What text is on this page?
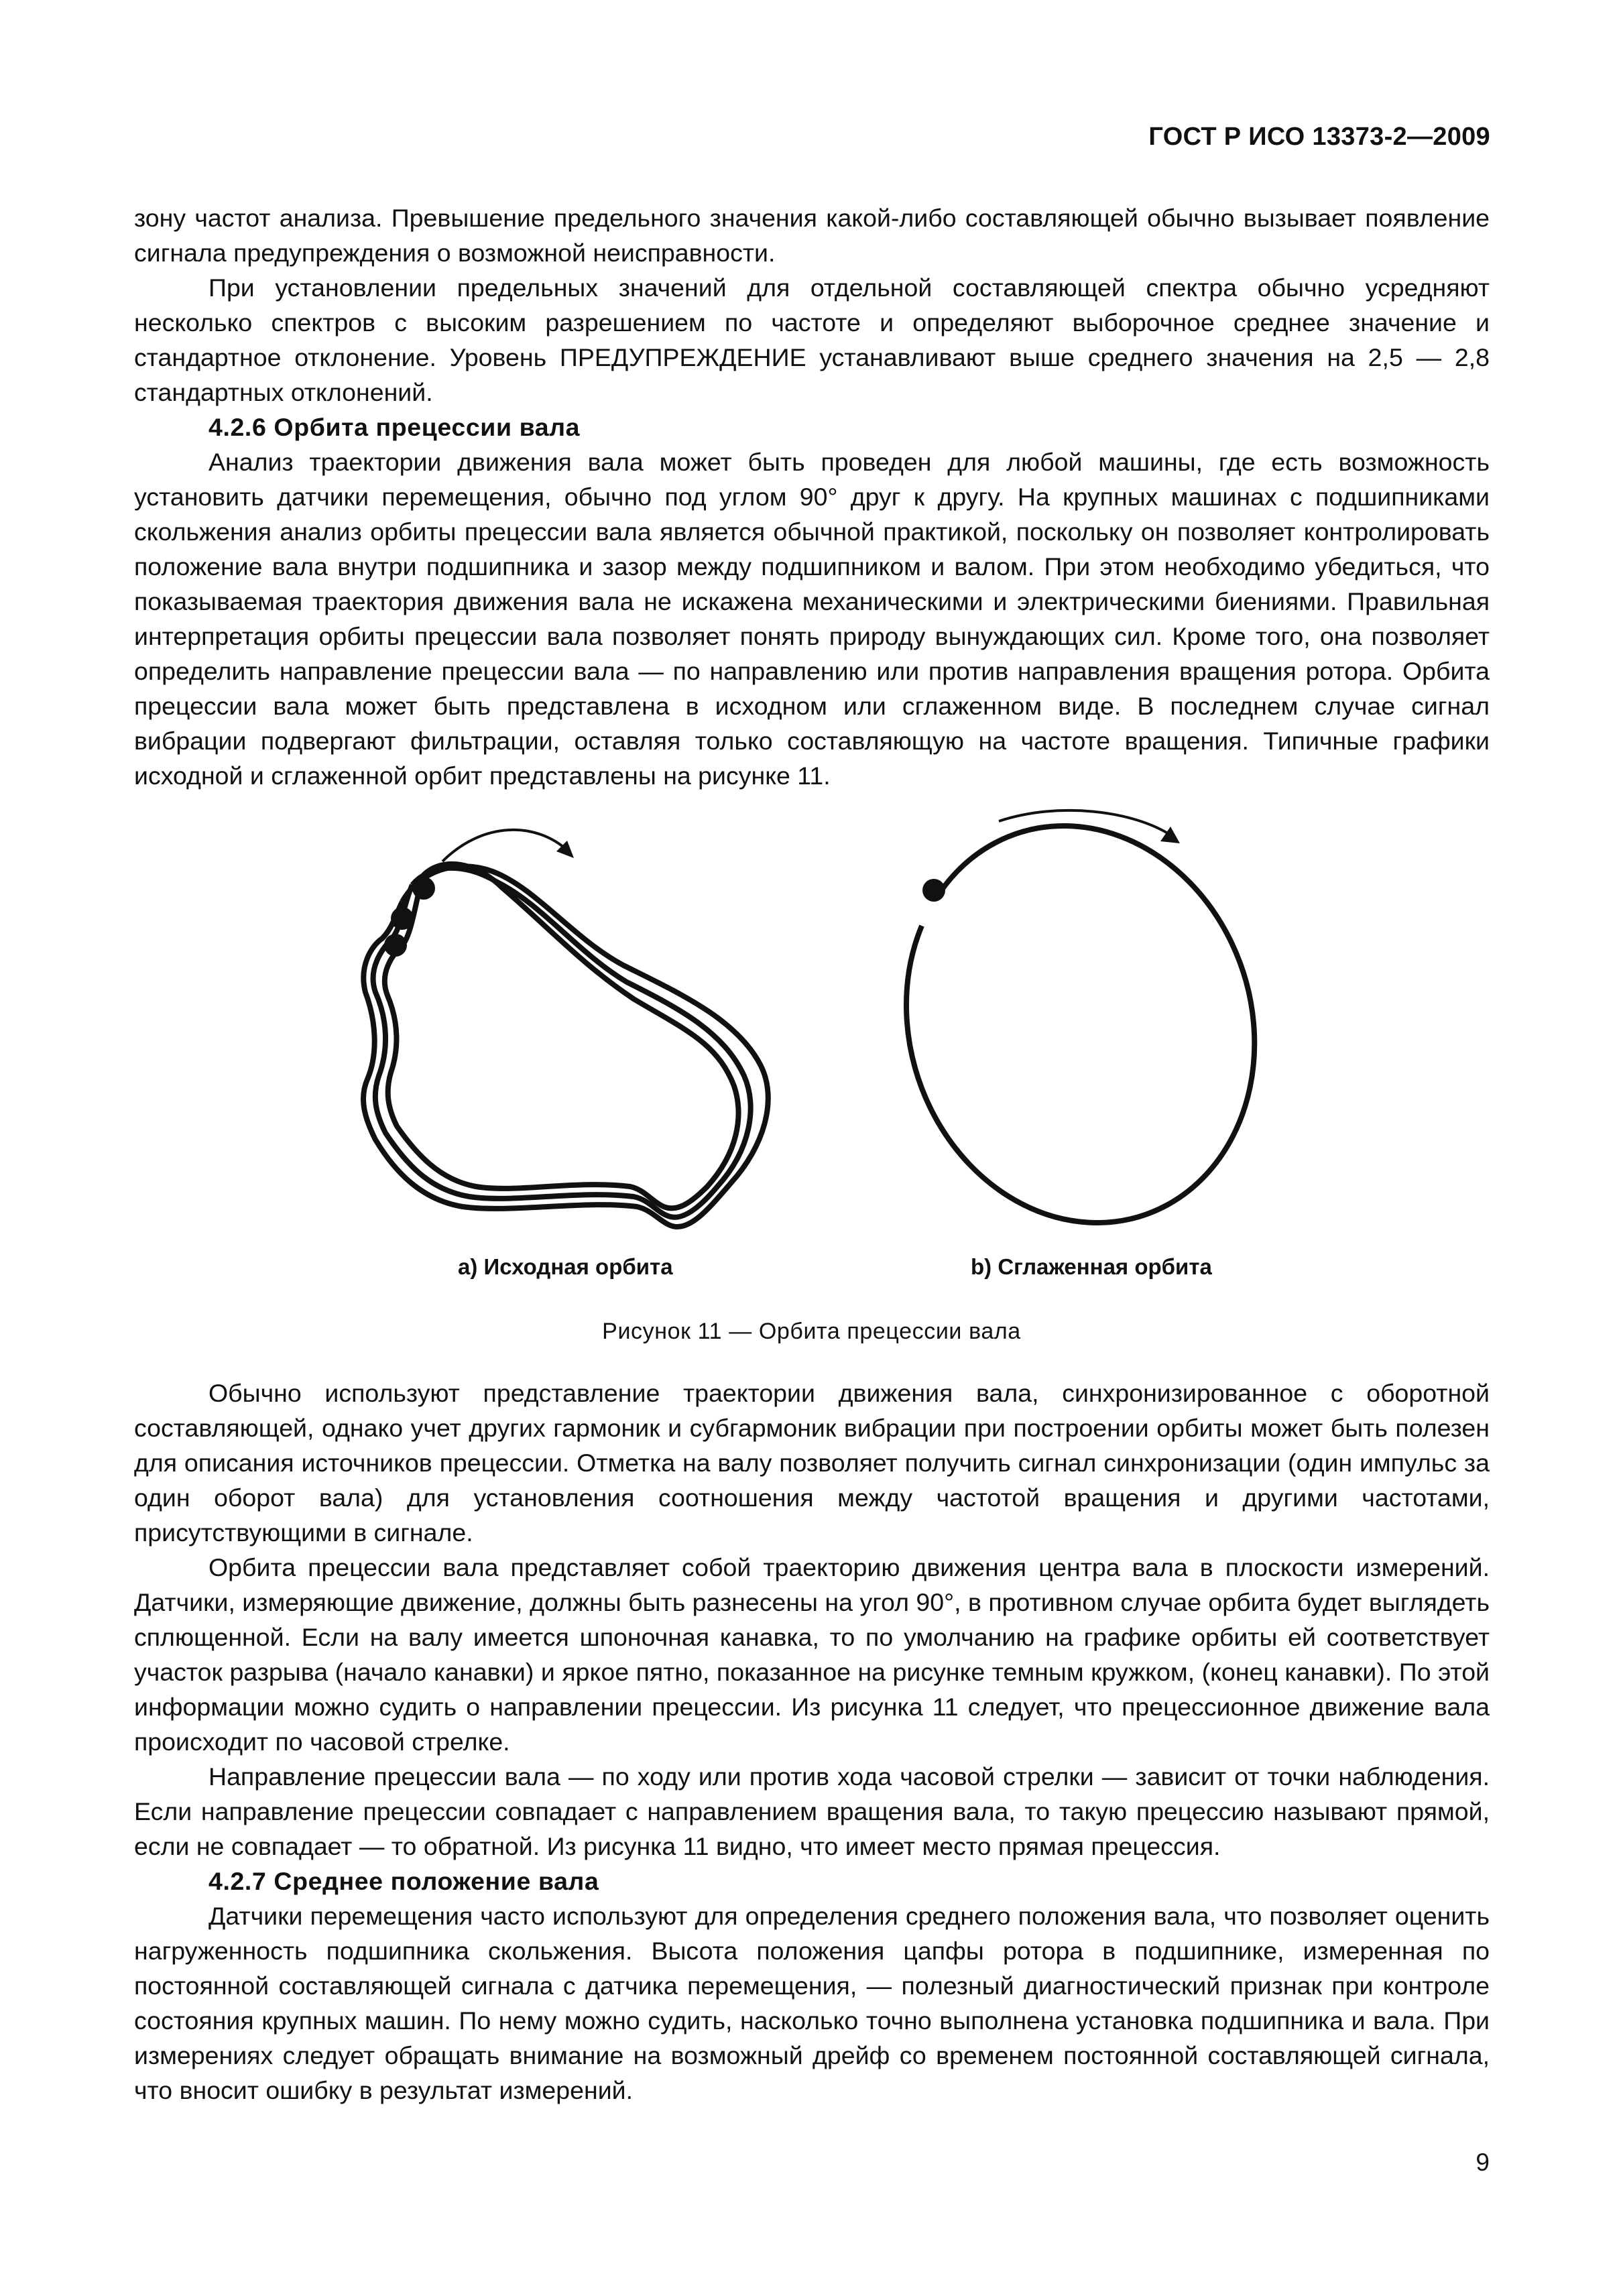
ГОСТ Р ИСО 13373-2—2009

зону частот анализа. Превышение предельного значения какой-либо составляющей обычно вызывает появление сигнала предупреждения о возможной неисправности.

При установлении предельных значений для отдельной составляющей спектра обычно усредняют несколько спектров с высоким разрешением по частоте и определяют выборочное среднее значение и стандартное отклонение. Уровень ПРЕДУПРЕЖДЕНИЕ устанавливают выше среднего значения на 2,5 — 2,8 стандартных отклонений.

4.2.6 Орбита прецессии вала

Анализ траектории движения вала может быть проведен для любой машины, где есть возможность установить датчики перемещения, обычно под углом 90° друг к другу. На крупных машинах с подшипниками скольжения анализ орбиты прецессии вала является обычной практикой, поскольку он позволяет контролировать положение вала внутри подшипника и зазор между подшипником и валом. При этом необходимо убедиться, что показываемая траектория движения вала не искажена механическими и электрическими биениями. Правильная интерпретация орбиты прецессии вала позволяет понять природу вынуждающих сил. Кроме того, она позволяет определить направление прецессии вала — по направлению или против направления вращения ротора. Орбита прецессии вала может быть представлена в исходном или сглаженном виде. В последнем случае сигнал вибрации подвергают фильтрации, оставляя только составляющую на частоте вращения. Типичные графики исходной и сглаженной орбит представлены на рисунке 11.

а) Исходная орбита	b) Сглаженная орбита
Рисунок 11 — Орбита прецессии вала

Обычно используют представление траектории движения вала, синхронизированное с оборотной составляющей, однако учет других гармоник и субгармоник вибрации при построении орбиты может быть полезен для описания источников прецессии. Отметка на валу позволяет получить сигнал синхронизации (один импульс за один оборот вала) для установления соотношения между частотой вращения и другими частотами, присутствующими в сигнале.

Орбита прецессии вала представляет собой траекторию движения центра вала в плоскости измерений. Датчики, измеряющие движение, должны быть разнесены на угол 90°, в противном случае орбита будет выглядеть сплющенной. Если на валу имеется шпоночная канавка, то по умолчанию на графике орбиты ей соответствует участок разрыва (начало канавки) и яркое пятно, показанное на рисунке темным кружком, (конец канавки). По этой информации можно судить о направлении прецессии. Из рисунка 11 следует, что прецессионное движение вала происходит по часовой стрелке.

Направление прецессии вала — по ходу или против хода часовой стрелки — зависит от точки наблюдения. Если направление прецессии совпадает с направлением вращения вала, то такую прецессию называют прямой, если не совпадает — то обратной. Из рисунка 11 видно, что имеет место прямая прецессия.

4.2.7 Среднее положение вала

Датчики перемещения часто используют для определения среднего положения вала, что позволяет оценить нагруженность подшипника скольжения. Высота положения цапфы ротора в подшипнике, измеренная по постоянной составляющей сигнала с датчика перемещения, — полезный диагностический признак при контроле состояния крупных машин. По нему можно судить, насколько точно выполнена установка подшипника и вала. При измерениях следует обращать внимание на возможный дрейф со временем постоянной составляющей сигнала, что вносит ошибку в результат измерений.

9
